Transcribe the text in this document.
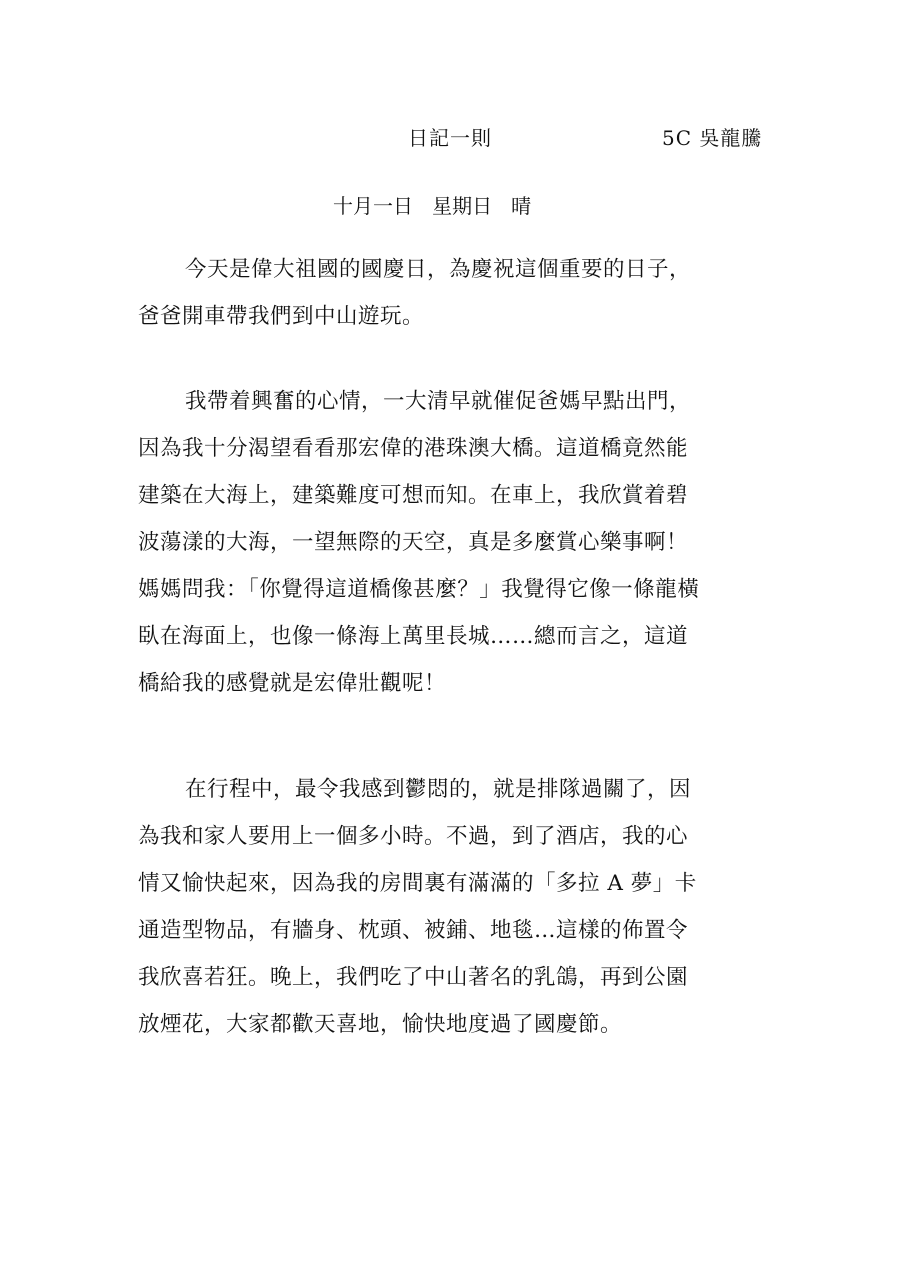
日記一則	5C 吳龍騰
十月一日   星期日   晴
今天是偉大祖國的國慶日，為慶祝這個重要的日子，
爸爸開車帶我們到中山遊玩。
我帶着興奮的心情，一大清早就催促爸媽早點出門，
因為我十分渴望看看那宏偉的港珠澳大橋。這道橋竟然能
建築在大海上，建築難度可想而知。在車上，我欣賞着碧
波蕩漾的大海，一望無際的天空，真是多麼賞心樂事啊！
媽媽問我：「你覺得這道橋像甚麼？」我覺得它像一條龍橫
臥在海面上，也像一條海上萬里長城……總而言之，這道
橋給我的感覺就是宏偉壯觀呢！
在行程中，最令我感到鬱悶的，就是排隊過關了，因
為我和家人要用上一個多小時。不過，到了酒店，我的心
情又愉快起來，因為我的房間裏有滿滿的「多拉 A 夢」卡
通造型物品，有牆身、枕頭、被鋪、地毯…這樣的佈置令
我欣喜若狂。晚上，我們吃了中山著名的乳鴿，再到公園
放煙花，大家都歡天喜地，愉快地度過了國慶節。
